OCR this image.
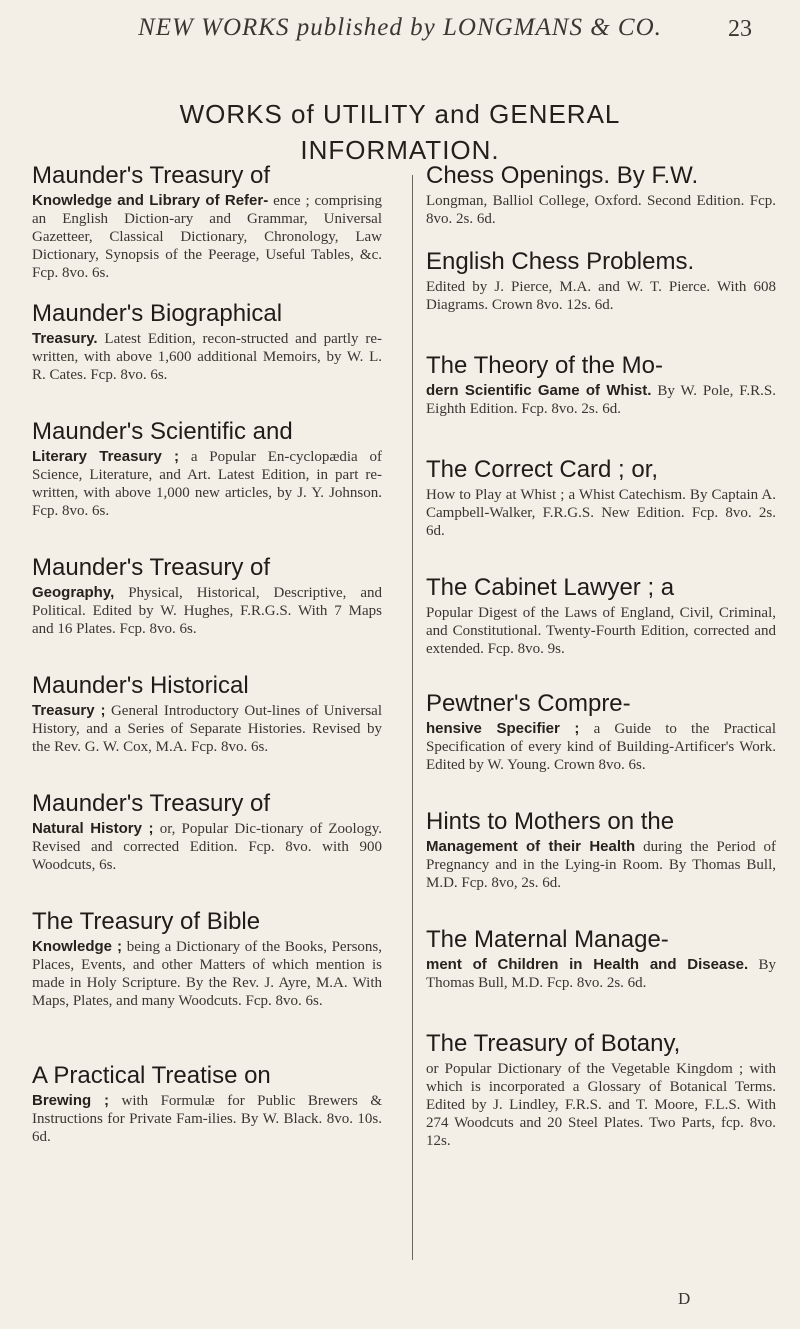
NEW WORKS published by LONGMANS & CO.	23
WORKS of UTILITY and GENERAL
INFORMATION.
Maunder's Treasury of
Knowledge and Library of Refer- ence ; comprising an English Diction-ary and Grammar, Universal Gazetteer, Classical Dictionary, Chronology, Law Dictionary, Synopsis of the Peerage, Useful Tables, &c. Fcp. 8vo. 6s.
Maunder's Biographical
Treasury. Latest Edition, recon-structed and partly re-written, with above 1,600 additional Memoirs, by W. L. R. Cates. Fcp. 8vo. 6s.
Maunder's Scientific and
Literary Treasury ; a Popular En-cyclopædia of Science, Literature, and Art. Latest Edition, in part re-written, with above 1,000 new articles, by J. Y. Johnson. Fcp. 8vo. 6s.
Maunder's Treasury of
Geography, Physical, Historical, Descriptive, and Political. Edited by W. Hughes, F.R.G.S. With 7 Maps and 16 Plates. Fcp. 8vo. 6s.
Maunder's Historical
Treasury ; General Introductory Out-lines of Universal History, and a Series of Separate Histories. Revised by the Rev. G. W. Cox, M.A. Fcp. 8vo. 6s.
Maunder's Treasury of
Natural History ; or, Popular Dic-tionary of Zoology. Revised and corrected Edition. Fcp. 8vo. with 900 Woodcuts, 6s.
The Treasury of Bible
Knowledge ; being a Dictionary of the Books, Persons, Places, Events, and other Matters of which mention is made in Holy Scripture. By the Rev. J. Ayre, M.A. With Maps, Plates, and many Woodcuts. Fcp. 8vo. 6s.
A Practical Treatise on
Brewing ; with Formulæ for Public Brewers & Instructions for Private Fam-ilies. By W. Black. 8vo. 10s. 6d.
Chess Openings. By F.W.
Longman, Balliol College, Oxford. Second Edition. Fcp. 8vo. 2s. 6d.
English Chess Problems.
Edited by J. Pierce, M.A. and W. T. Pierce. With 608 Diagrams. Crown 8vo. 12s. 6d.
The Theory of the Mo-
dern Scientific Game of Whist. By W. Pole, F.R.S. Eighth Edition. Fcp. 8vo. 2s. 6d.
The Correct Card ; or,
How to Play at Whist ; a Whist Catechism. By Captain A. Campbell-Walker, F.R.G.S. New Edition. Fcp. 8vo. 2s. 6d.
The Cabinet Lawyer ; a
Popular Digest of the Laws of England, Civil, Criminal, and Constitutional. Twenty-Fourth Edition, corrected and extended. Fcp. 8vo. 9s.
Pewtner's Compre-
hensive Specifier ; a Guide to the Practical Specification of every kind of Building-Artificer's Work. Edited by W. Young. Crown 8vo. 6s.
Hints to Mothers on the
Management of their Health during the Period of Pregnancy and in the Lying-in Room. By Thomas Bull, M.D. Fcp. 8vo, 2s. 6d.
The Maternal Manage-
ment of Children in Health and Disease. By Thomas Bull, M.D. Fcp. 8vo. 2s. 6d.
The Treasury of Botany,
or Popular Dictionary of the Vegetable Kingdom ; with which is incorporated a Glossary of Botanical Terms. Edited by J. Lindley, F.R.S. and T. Moore, F.L.S. With 274 Woodcuts and 20 Steel Plates. Two Parts, fcp. 8vo. 12s.
D
